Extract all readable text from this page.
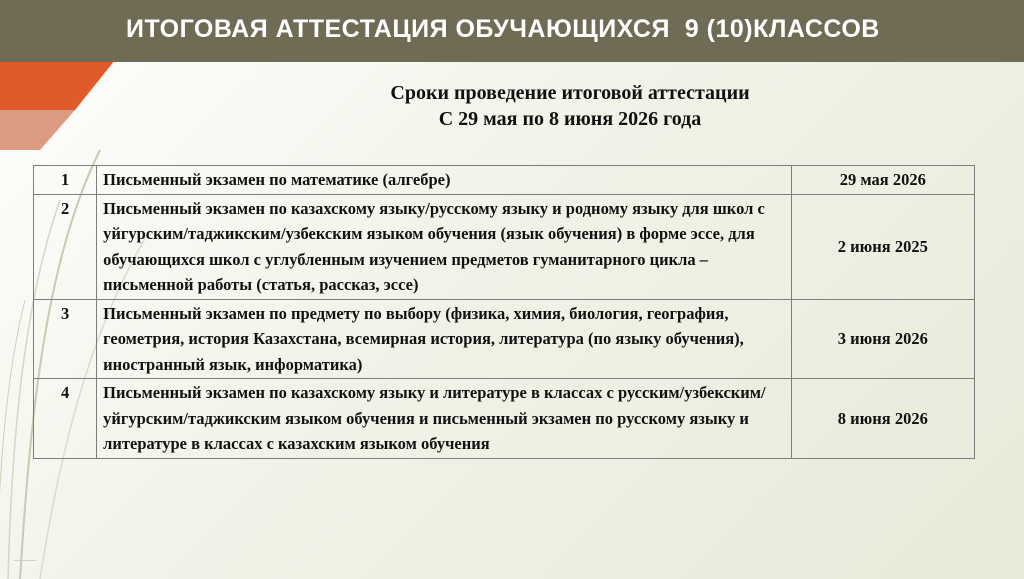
ИТОГОВАЯ АТТЕСТАЦИЯ ОБУЧАЮЩИХСЯ  9 (10)КЛАССОВ
Сроки проведение итоговой аттестации
С 29 мая по 8 июня 2026 года
1	Письменный экзамен по математике (алгебре)	29 мая 2026
2	Письменный экзамен по казахскому языку/русскому языку и родному языку для школ с уйгурским/таджикским/узбекским языком обучения (язык обучения) в форме эссе, для обучающихся школ с углубленным изучением предметов гуманитарного цикла – письменной работы (статья, рассказ, эссе)	2 июня 2025
3	Письменный экзамен по предмету по выбору (физика, химия, биология, география, геометрия, история Казахстана, всемирная история, литература (по языку обучения), иностранный язык, информатика)	3 июня 2026
4	Письменный экзамен по казахскому языку и литературе в классах с русским/узбекским/уйгурским/таджикским языком обучения и письменный экзамен по русскому языку и литературе в классах с казахским языком обучения	8 июня 2026
